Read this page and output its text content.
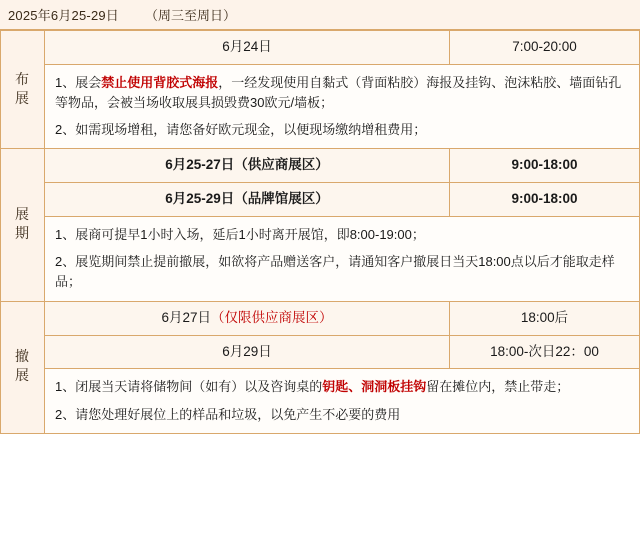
2025年6月25-29日 （周三至周日）
布展	6月24日	7:00-20:00

	1、展会禁止使用背胶式海报，一经发现使用自黏式（背面粘胶）海报及挂钩、泡沫粘胶、墙面钻孔等物品，会被当场收取展具损毁费30欧元/墙板；

2、如需现场增租，请您备好欧元现金，以便现场缴纳增租费用；	

展期	6月25-27日（供应商展区）	9:00-18:00
	6月25-29日（品牌馆展区）	9:00-18:00

	1、展商可提早1小时入场，延后1小时离开展馆，即8:00-19:00；

2、展览期间禁止提前撤展，如欲将产品赠送客户，请通知客户撤展日当天18:00点以后才能取走样品；	

撤展	6月27日（仅限供应商展区）	18:00后
	6月29日	18:00-次日22：00

	1、闭展当天请将储物间（如有）以及咨询桌的钥匙、洞洞板挂钩留在摊位内，禁止带走；

2、请您处理好展位上的样品和垃圾，以免产生不必要的费用	
